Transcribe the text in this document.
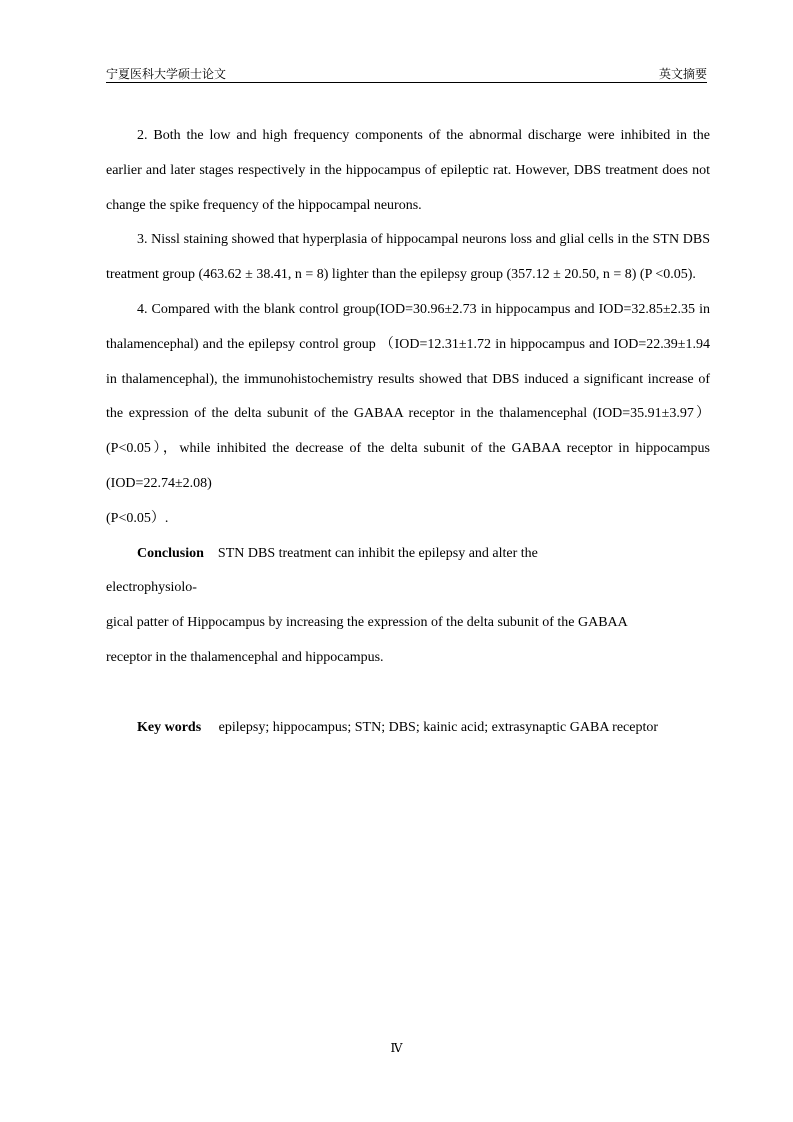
宁夏医科大学硕士论文	英文摘要

2. Both the low and high frequency components of the abnormal discharge were inhibited in the earlier and later stages respectively in the hippocampus of epileptic rat. However, DBS treatment does not change the spike frequency of the hippocampal neurons.

3. Nissl staining showed that hyperplasia of hippocampal neurons loss and glial cells in the STN DBS treatment group (463.62 ± 38.41, n = 8) lighter than the epilepsy group (357.12 ± 20.50, n = 8) (P <0.05).

4. Compared with the blank control group(IOD=30.96±2.73 in hippocampus and IOD=32.85±2.35 in thalamencephal) and the epilepsy control group （IOD=12.31±1.72 in hippocampus and IOD=22.39±1.94 in thalamencephal), the immunohistochemistry results showed that DBS induced a significant increase of the expression of the delta subunit of the GABAA receptor in the thalamencephal (IOD=35.91±3.97）(P<0.05），while inhibited the decrease of the delta subunit of the GABAA receptor in hippocampus (IOD=22.74±2.08)

(P<0.05）.

Conclusion STN DBS treatment can inhibit the epilepsy and alter the

electrophysiolo-

gical patter of Hippocampus by increasing the expression of the delta subunit of the GABAA

receptor in the thalamencephal and hippocampus.

Key words epilepsy; hippocampus; STN; DBS; kainic acid; extrasynaptic GABA receptor

Ⅳ
